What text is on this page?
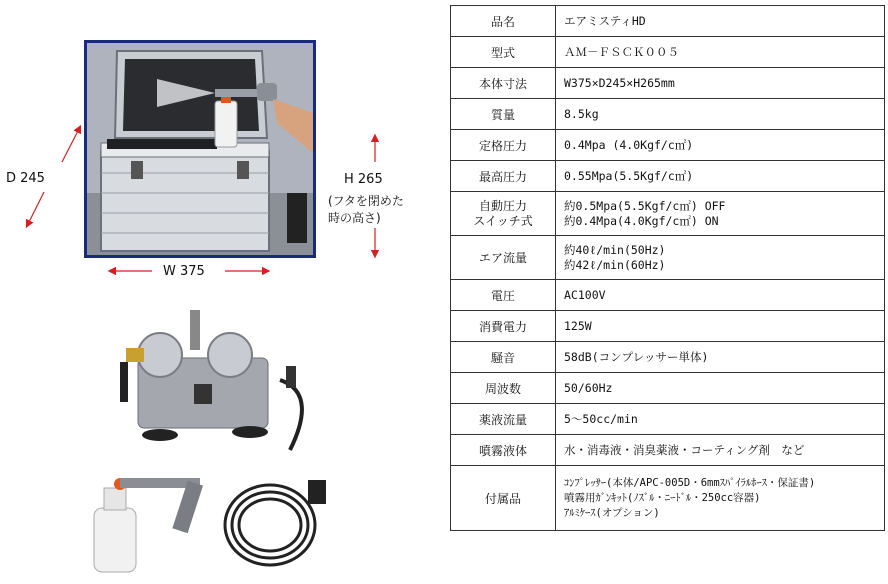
D 245	H 265
(フタを閉めた
時の高さ)
W 375
品名	エアミスティHD
型式	ＡＭ－ＦＳＣＫ００５
本体寸法	W375×D245×H265mm
質量	8.5kg
定格圧力	0.4Mpa (4.0Kgf/c㎡)
最高圧力	0.55Mpa(5.5Kgf/c㎡)
自動圧力
スイッチ式	約0.5Mpa(5.5Kgf/c㎡) OFF
約0.4Mpa(4.0Kgf/c㎡) ON
エア流量	約40ℓ/min(50Hz)
約42ℓ/min(60Hz)
電圧	AC100V
消費電力	125W
騒音	58dB(コンプレッサー単体)
周波数	50/60Hz
薬液流量	5～50cc/min
噴霧液体	水・消毒液・消臭薬液・コーティング剤　など
付属品	ｺﾝﾌﾟﾚｯｻｰ(本体/APC-005D・6mmｽﾊﾟｲﾗﾙﾎｰｽ・保証書)
噴霧用ｶﾞﾝｷｯﾄ(ﾉｽﾞﾙ・ﾆｰﾄﾞﾙ・250cc容器)
ｱﾙﾐｹｰｽ(オプション)
